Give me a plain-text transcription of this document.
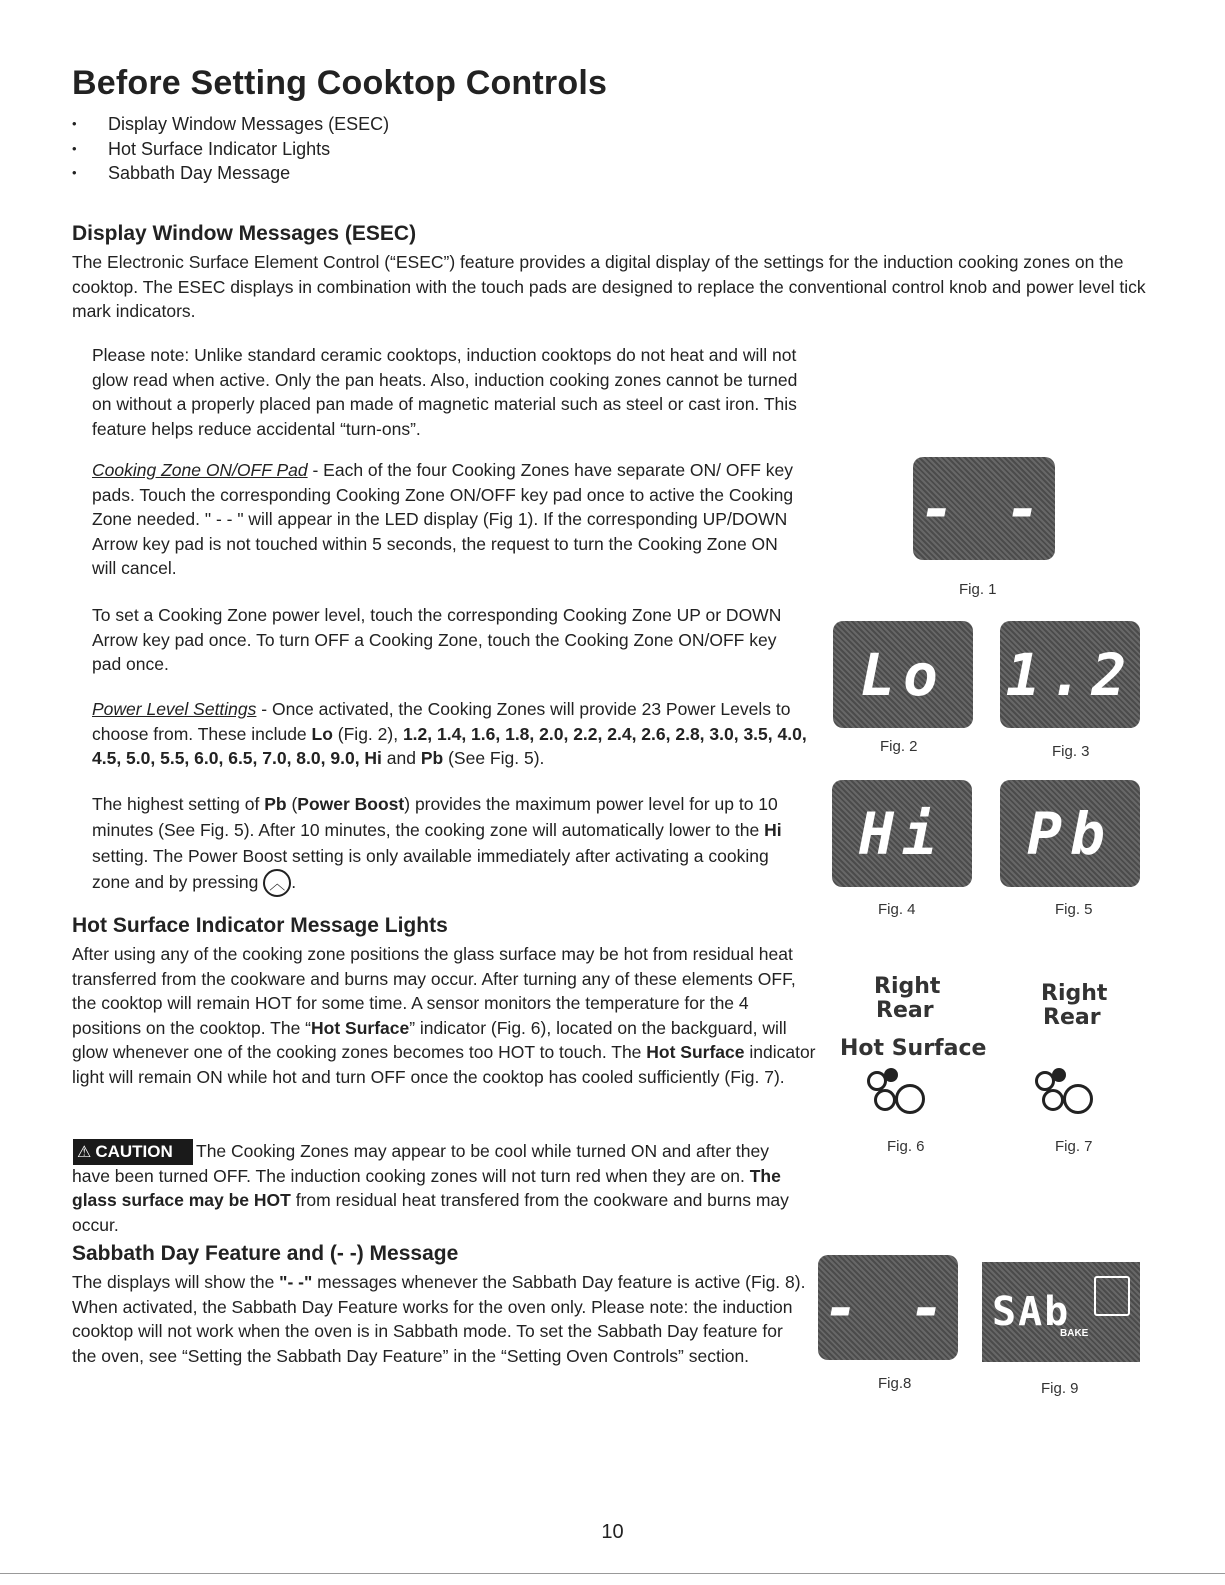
Before Setting Cooktop Controls
• Display Window Messages (ESEC)
• Hot Surface Indicator Lights
• Sabbath Day Message
Display Window Messages (ESEC)

The Electronic Surface Element Control (“ESEC”) feature provides a digital display of the settings for the induction cooking zones on the cooktop. The ESEC displays in combination with the touch pads are designed to replace the conventional control knob and power level tick mark indicators.

Please note: Unlike standard ceramic cooktops, induction cooktops do not heat and will not glow read when active. Only the pan heats. Also, induction cooking zones cannot be turned on without a properly placed pan made of magnetic material such as steel or cast iron. This feature helps reduce accidental “turn-ons”.

Cooking Zone ON/OFF Pad - Each of the four Cooking Zones have separate ON/ OFF key pads. Touch the corresponding Cooking Zone ON/OFF key pad once to active the Cooking Zone needed. " - - " will appear in the LED display (Fig 1). If the corresponding UP/DOWN Arrow key pad is not touched within 5 seconds, the request to turn the Cooking Zone ON will cancel.

To set a Cooking Zone power level, touch the corresponding Cooking Zone UP or DOWN Arrow key pad once. To turn OFF a Cooking Zone, touch the Cooking Zone ON/OFF key pad once.

Power Level Settings - Once activated, the Cooking Zones will provide 23 Power Levels to choose from. These include Lo (Fig. 2), 1.2, 1.4, 1.6, 1.8, 2.0, 2.2, 2.4, 2.6, 2.8, 3.0, 3.5, 4.0, 4.5, 5.0, 5.5, 6.0, 6.5, 7.0, 8.0, 9.0, Hi and Pb (See Fig. 5).

The highest setting of Pb (Power Boost) provides the maximum power level for up to 10 minutes (See Fig. 5). After 10 minutes, the cooking zone will automatically lower to the Hi setting. The Power Boost setting is only available immediately after activating a cooking zone and by pressing ︿ .

Hot Surface Indicator Message Lights

After using any of the cooking zone positions the glass surface may be hot from residual heat transferred from the cookware and burns may occur. After turning any of these elements OFF, the cooktop will remain HOT for some time. A sensor monitors the temperature for the 4 positions on the cooktop. The “Hot Surface” indicator (Fig. 6), located on the backguard, will glow whenever one of the cooking zones becomes too HOT to touch. The Hot Surface indicator light will remain ON while hot and turn OFF once the cooktop has cooled sufficiently (Fig. 7).

⚠ CAUTION	The Cooking Zones may appear to be cool while turned ON and after they have been turned OFF. The induction cooking zones will not turn red when they are on. The glass surface may be HOT from residual heat transfered from the cookware and burns may occur.

Sabbath Day Feature and (- -) Message

The displays will show the "- -" messages whenever the Sabbath Day feature is active (Fig. 8). When activated, the Sabbath Day Feature works for the oven only. Please note: the induction cooktop will not work when the oven is in Sabbath mode. To set the Sabbath Day feature for the oven, see “Setting the Sabbath Day Feature” in the “Setting Oven Controls” section.

- -
Fig. 1
Lo
Fig. 2
1.2
Fig. 3
Hi
Fig. 4
Pb
Fig. 5
Right
Rear
Hot Surface
Fig. 6
Right
Rear
Fig. 7
- -
Fig.8
SAb
BAKE
Fig. 9
10
